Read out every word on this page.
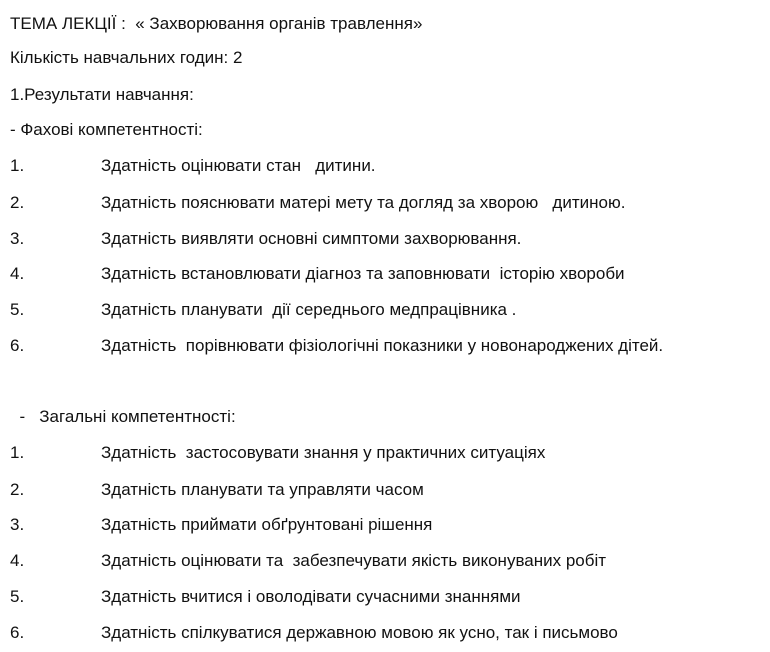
ТЕМА ЛЕКЦІЇ :  « Захворювання органів травлення»
Кількість навчальних годин: 2
1.Результати навчання:
- Фахові компетентності:
1.	Здатність оцінювати стан   дитини.
2.	Здатність пояснювати матері мету та догляд за хворою   дитиною.
3.	Здатність виявляти основні симптоми захворювання.
4.	Здатність встановлювати діагноз та заповнювати  історію хвороби
5.	Здатність планувати  дії середнього медпрацівника .
6.	Здатність  порівнювати фізіологічні показники у новонароджених дітей.
-   Загальні компетентності:
1.	Здатність  застосовувати знання у практичних ситуаціях
2.	Здатність планувати та управляти часом
3.	Здатність приймати обґрунтовані рішення
4.	Здатність оцінювати та  забезпечувати якість виконуваних робіт
5.	Здатність вчитися і оволодівати сучасними знаннями
6.	Здатність спілкуватися державною мовою як усно, так і письмово
